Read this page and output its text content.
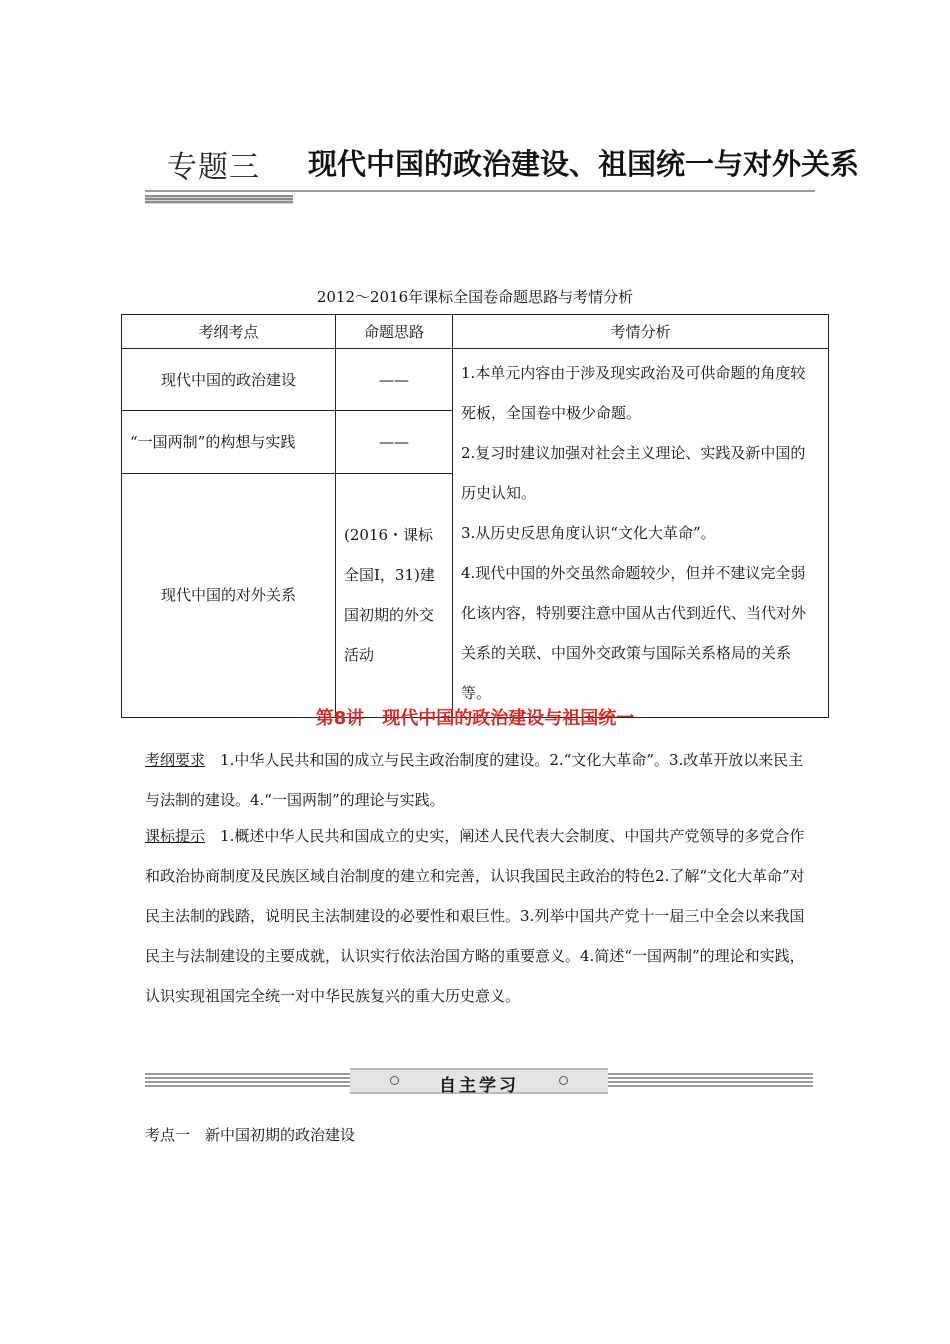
专题三 现代中国的政治建设、祖国统一与对外关系
2012～2016年课标全国卷命题思路与考情分析
考纲考点	命题思路	考情分析
现代中国的政治建设	——	1.本单元内容由于涉及现实政治及可供命题的角度较死板，全国卷中极少命题。

2.复习时建议加强对社会主义理论、实践及新中国的历史认知。

3.从历史反思角度认识“文化大革命”。

4.现代中国的外交虽然命题较少，但并不建议完全弱化该内容，特别要注意中国从古代到近代、当代对外关系的关联、中国外交政策与国际关系格局的关系等。

“一国两制”的构想与实践	——	
现代中国的对外关系	(2016・课标全国Ⅰ，31)建国初期的外交活动	
第8讲　现代中国的政治建设与祖国统一

考纲要求　 1.中华人民共和国的成立与民主政治制度的建设。2.“文化大革命”。3.改革开放以来民主与法制的建设。4.“一国两制”的理论与实践。

课标提示　 1.概述中华人民共和国成立的史实，阐述人民代表大会制度、中国共产党领导的多党合作和政治协商制度及民族区域自治制度的建立和完善，认识我国民主政治的特色2.了解“文化大革命”对民主法制的践踏，说明民主法制建设的必要性和艰巨性。3.列举中国共产党十一届三中全会以来我国民主与法制建设的主要成就，认识实行依法治国方略的重要意义。4.简述“一国两制”的理论和实践，认识实现祖国完全统一对中华民族复兴的重大历史意义。

自主学习
考点一　新中国初期的政治建设
